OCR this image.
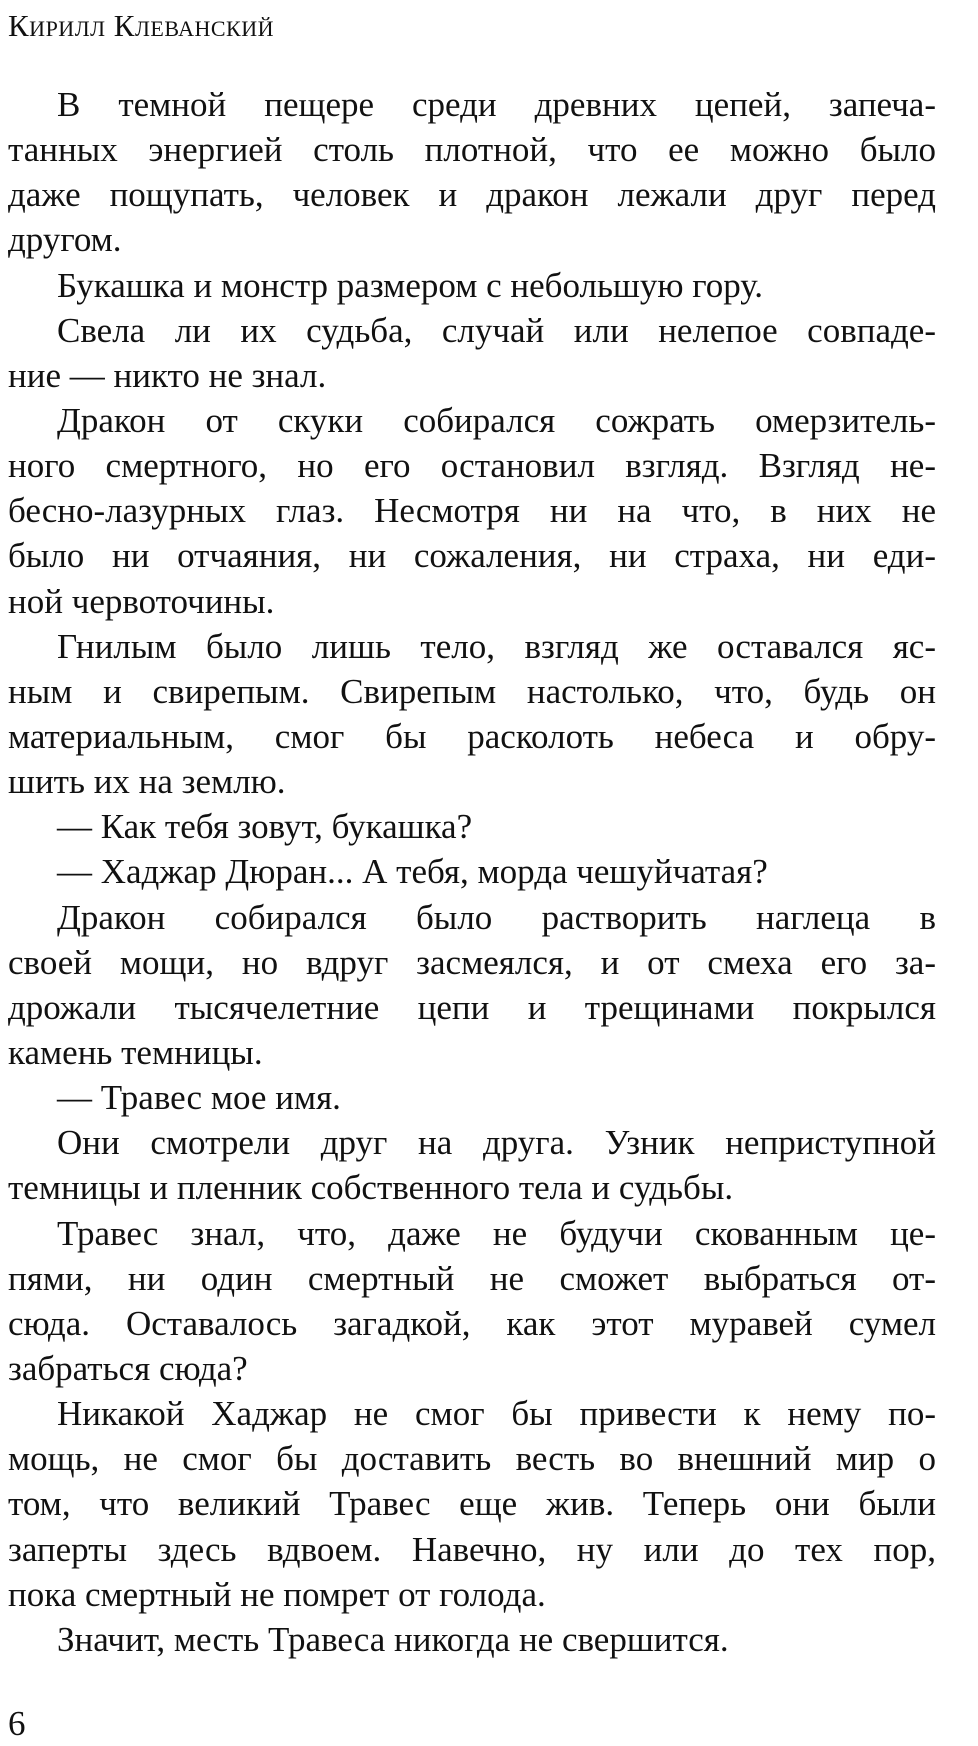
Кирилл Клеванский
В темной пещере среди древних цепей, запеча-
танных энергией столь плотной, что ее можно было
даже пощупать, человек и дракон лежали друг перед
другом.
Букашка и монстр размером с небольшую гору.
Свела ли их судьба, случай или нелепое совпаде-
ние — никто не знал.
Дракон от скуки собирался сожрать омерзитель-
ного смертного, но его остановил взгляд. Взгляд не-
бесно-лазурных глаз. Несмотря ни на что, в них не
было ни отчаяния, ни сожаления, ни страха, ни еди-
ной червоточины.
Гнилым было лишь тело, взгляд же оставался яс-
ным и свирепым. Свирепым настолько, что, будь он
материальным, смог бы расколоть небеса и обру-
шить их на землю.
— Как тебя зовут, букашка?
— Хаджар Дюран... А тебя, морда чешуйчатая?
Дракон собирался было растворить наглеца в
своей мощи, но вдруг засмеялся, и от смеха его за-
дрожали тысячелетние цепи и трещинами покрылся
камень темницы.
— Травес мое имя.
Они смотрели друг на друга. Узник неприступной
темницы и пленник собственного тела и судьбы.
Травес знал, что, даже не будучи скованным це-
пями, ни один смертный не сможет выбраться от-
сюда. Оставалось загадкой, как этот муравей сумел
забраться сюда?
Никакой Хаджар не смог бы привести к нему по-
мощь, не смог бы доставить весть во внешний мир о
том, что великий Травес еще жив. Теперь они были
заперты здесь вдвоем. Навечно, ну или до тех пор,
пока смертный не помрет от голода.
Значит, месть Травеса никогда не свершится.
6
